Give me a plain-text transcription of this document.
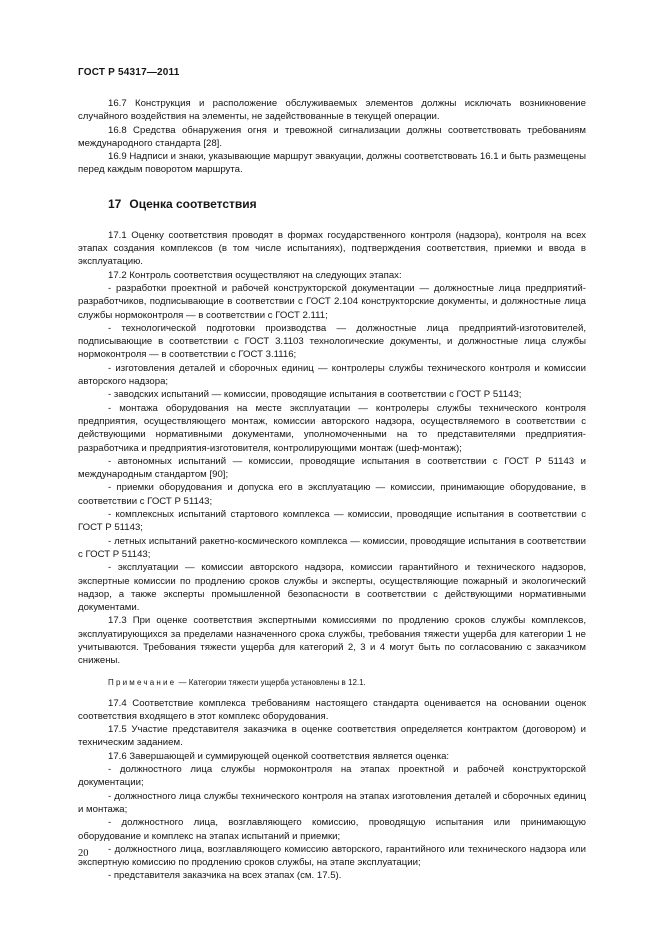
ГОСТ Р 54317—2011

16.7 Конструкция и расположение обслуживаемых элементов должны исключать возникновение случайного воздействия на элементы, не задействованные в текущей операции.

16.8 Средства обнаружения огня и тревожной сигнализации должны соответствовать требованиям международного стандарта [28].

16.9 Надписи и знаки, указывающие маршрут эвакуации, должны соответствовать 16.1 и быть размещены перед каждым поворотом маршрута.

17 Оценка соответствия

17.1 Оценку соответствия проводят в формах государственного контроля (надзора), контроля на всех этапах создания комплексов (в том числе испытаниях), подтверждения соответствия, приемки и ввода в эксплуатацию.

17.2 Контроль соответствия осуществляют на следующих этапах:

- разработки проектной и рабочей конструкторской документации — должностные лица предприятий-разработчиков, подписывающие в соответствии с ГОСТ 2.104 конструкторские документы, и должностные лица службы нормоконтроля — в соответствии с ГОСТ 2.111;

- технологической подготовки производства — должностные лица предприятий-изготовителей, подписывающие в соответствии с ГОСТ 3.1103 технологические документы, и должностные лица службы нормоконтроля — в соответствии с ГОСТ 3.1116;

- изготовления деталей и сборочных единиц — контролеры службы технического контроля и комиссии авторского надзора;

- заводских испытаний — комиссии, проводящие испытания в соответствии с ГОСТ Р 51143;

- монтажа оборудования на месте эксплуатации — контролеры службы технического контроля предприятия, осуществляющего монтаж, комиссии авторского надзора, осуществляемого в соответствии с действующими нормативными документами, уполномоченными на то представителями предприятия-разработчика и предприятия-изготовителя, контролирующими монтаж (шеф-монтаж);

- автономных испытаний — комиссии, проводящие испытания в соответствии с ГОСТ Р 51143 и международным стандартом [90];

- приемки оборудования и допуска его в эксплуатацию — комиссии, принимающие оборудование, в соответствии с ГОСТ Р 51143;

- комплексных испытаний стартового комплекса — комиссии, проводящие испытания в соответствии с ГОСТ Р 51143;

- летных испытаний ракетно-космического комплекса — комиссии, проводящие испытания в соответствии с ГОСТ Р 51143;

- эксплуатации — комиссии авторского надзора, комиссии гарантийного и технического надзоров, экспертные комиссии по продлению сроков службы и эксперты, осуществляющие пожарный и экологический надзор, а также эксперты промышленной безопасности в соответствии с действующими нормативными документами.

17.3 При оценке соответствия экспертными комиссиями по продлению сроков службы комплексов, эксплуатирующихся за пределами назначенного срока службы, требования тяжести ущерба для категории 1 не учитываются. Требования тяжести ущерба для категорий 2, 3 и 4 могут быть по согласованию с заказчиком снижены.

Примечание — Категории тяжести ущерба установлены в 12.1.

17.4 Соответствие комплекса требованиям настоящего стандарта оценивается на основании оценок соответствия входящего в этот комплекс оборудования.

17.5 Участие представителя заказчика в оценке соответствия определяется контрактом (договором) и техническим заданием.

17.6 Завершающей и суммирующей оценкой соответствия является оценка:

- должностного лица службы нормоконтроля на этапах проектной и рабочей конструкторской документации;

- должностного лица службы технического контроля на этапах изготовления деталей и сборочных единиц и монтажа;

- должностного лица, возглавляющего комиссию, проводящую испытания или принимающую оборудование и комплекс на этапах испытаний и приемки;

- должностного лица, возглавляющего комиссию авторского, гарантийного или технического надзора или экспертную комиссию по продлению сроков службы, на этапе эксплуатации;

- представителя заказчика на всех этапах (см. 17.5).

20
